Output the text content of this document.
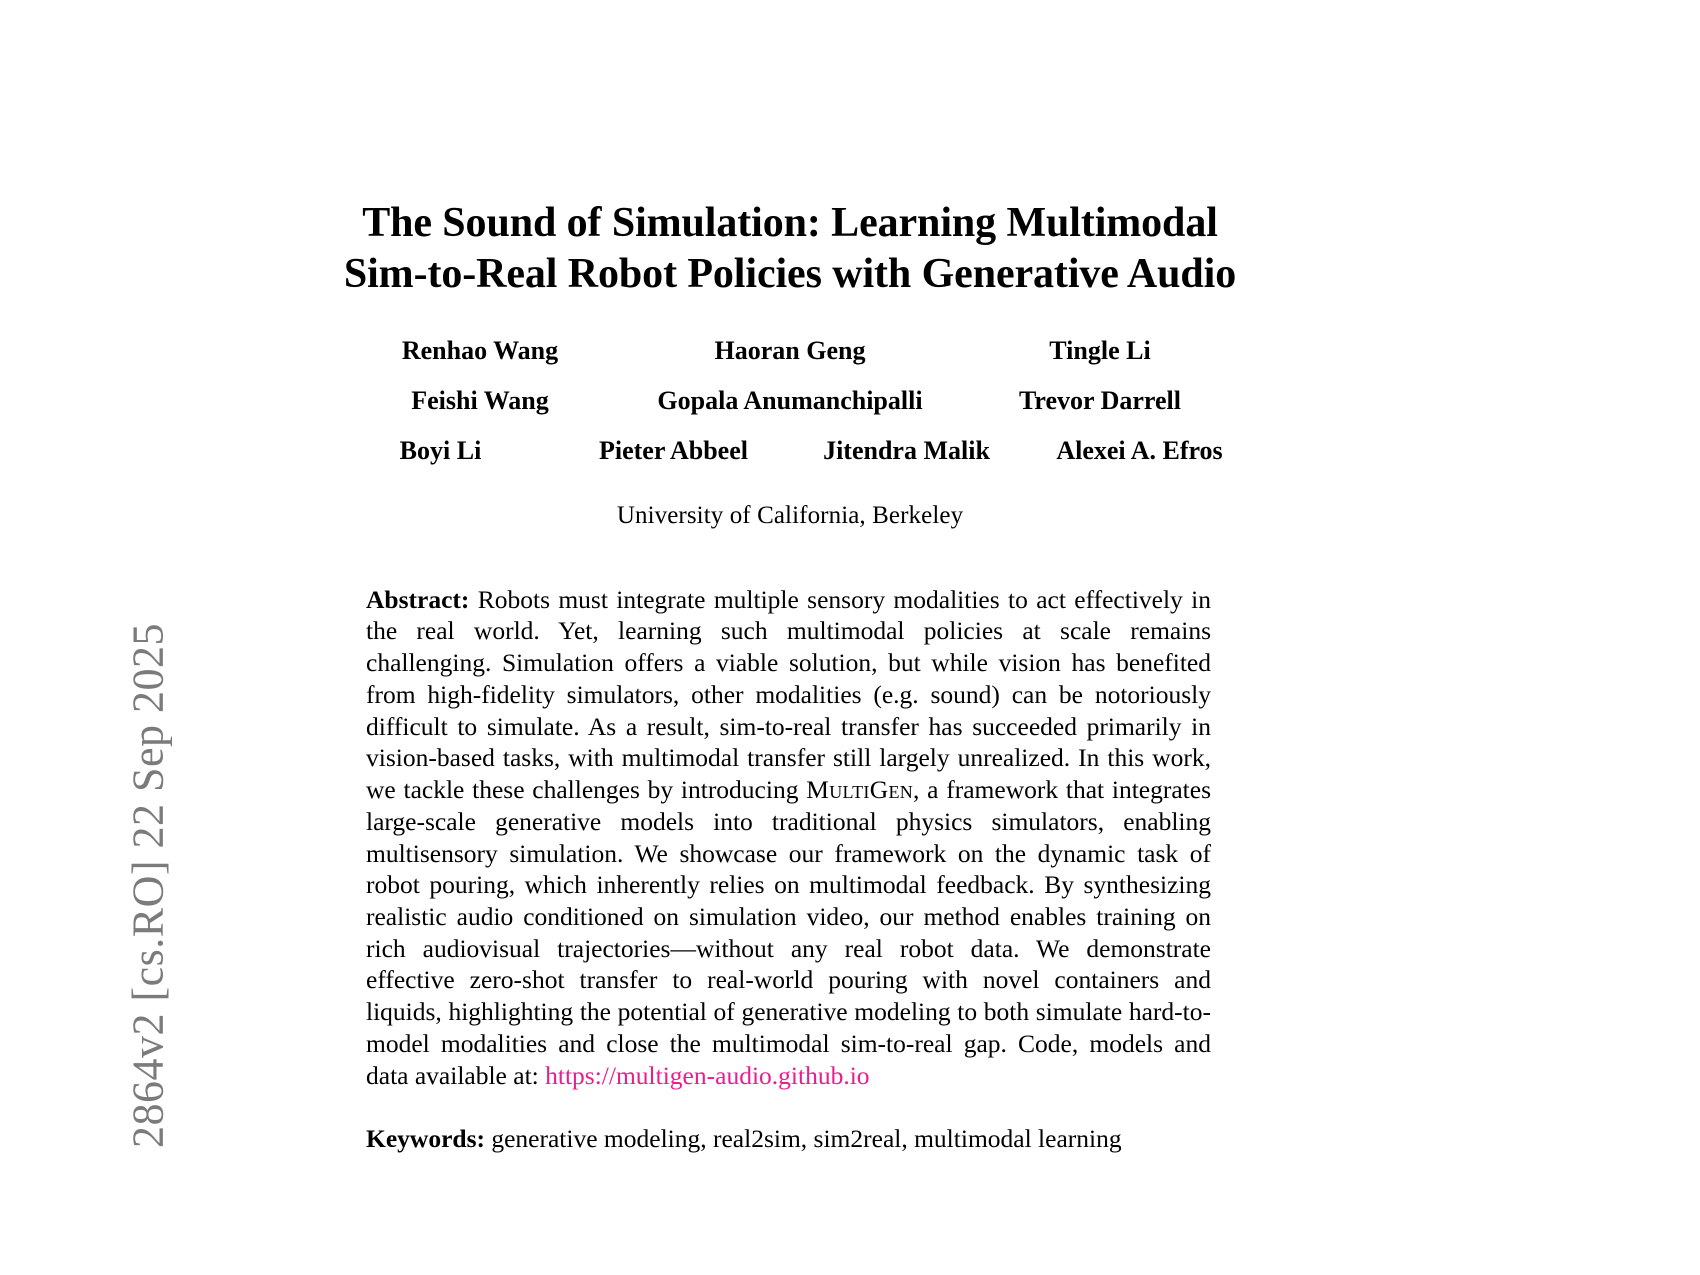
2864v2 [cs.RO] 22 Sep 2025
The Sound of Simulation: Learning Multimodal
Sim-to-Real Robot Policies with Generative Audio
Renhao Wang	Haoran Geng	Tingle Li
Feishi Wang	Gopala Anumanchipalli	Trevor Darrell
Boyi Li	Pieter Abbeel	Jitendra Malik	Alexei A. Efros
University of California, Berkeley

Abstract: Robots must integrate multiple sensory modalities to act effectively in the real world. Yet, learning such multimodal policies at scale remains challenging. Simulation offers a viable solution, but while vision has benefited from high-fidelity simulators, other modalities (e.g. sound) can be notoriously difficult to simulate. As a result, sim-to-real transfer has succeeded primarily in vision-based tasks, with multimodal transfer still largely unrealized. In this work, we tackle these challenges by introducing MultiGen, a framework that integrates large-scale generative models into traditional physics simulators, enabling multisensory simulation. We showcase our framework on the dynamic task of robot pouring, which inherently relies on multimodal feedback. By synthesizing realistic audio conditioned on simulation video, our method enables training on rich audiovisual trajectories—without any real robot data. We demonstrate effective zero-shot transfer to real-world pouring with novel containers and liquids, highlighting the potential of generative modeling to both simulate hard-to-model modalities and close the multimodal sim-to-real gap. Code, models and data available at: https://multigen-audio.github.io

Keywords: generative modeling, real2sim, sim2real, multimodal learning
